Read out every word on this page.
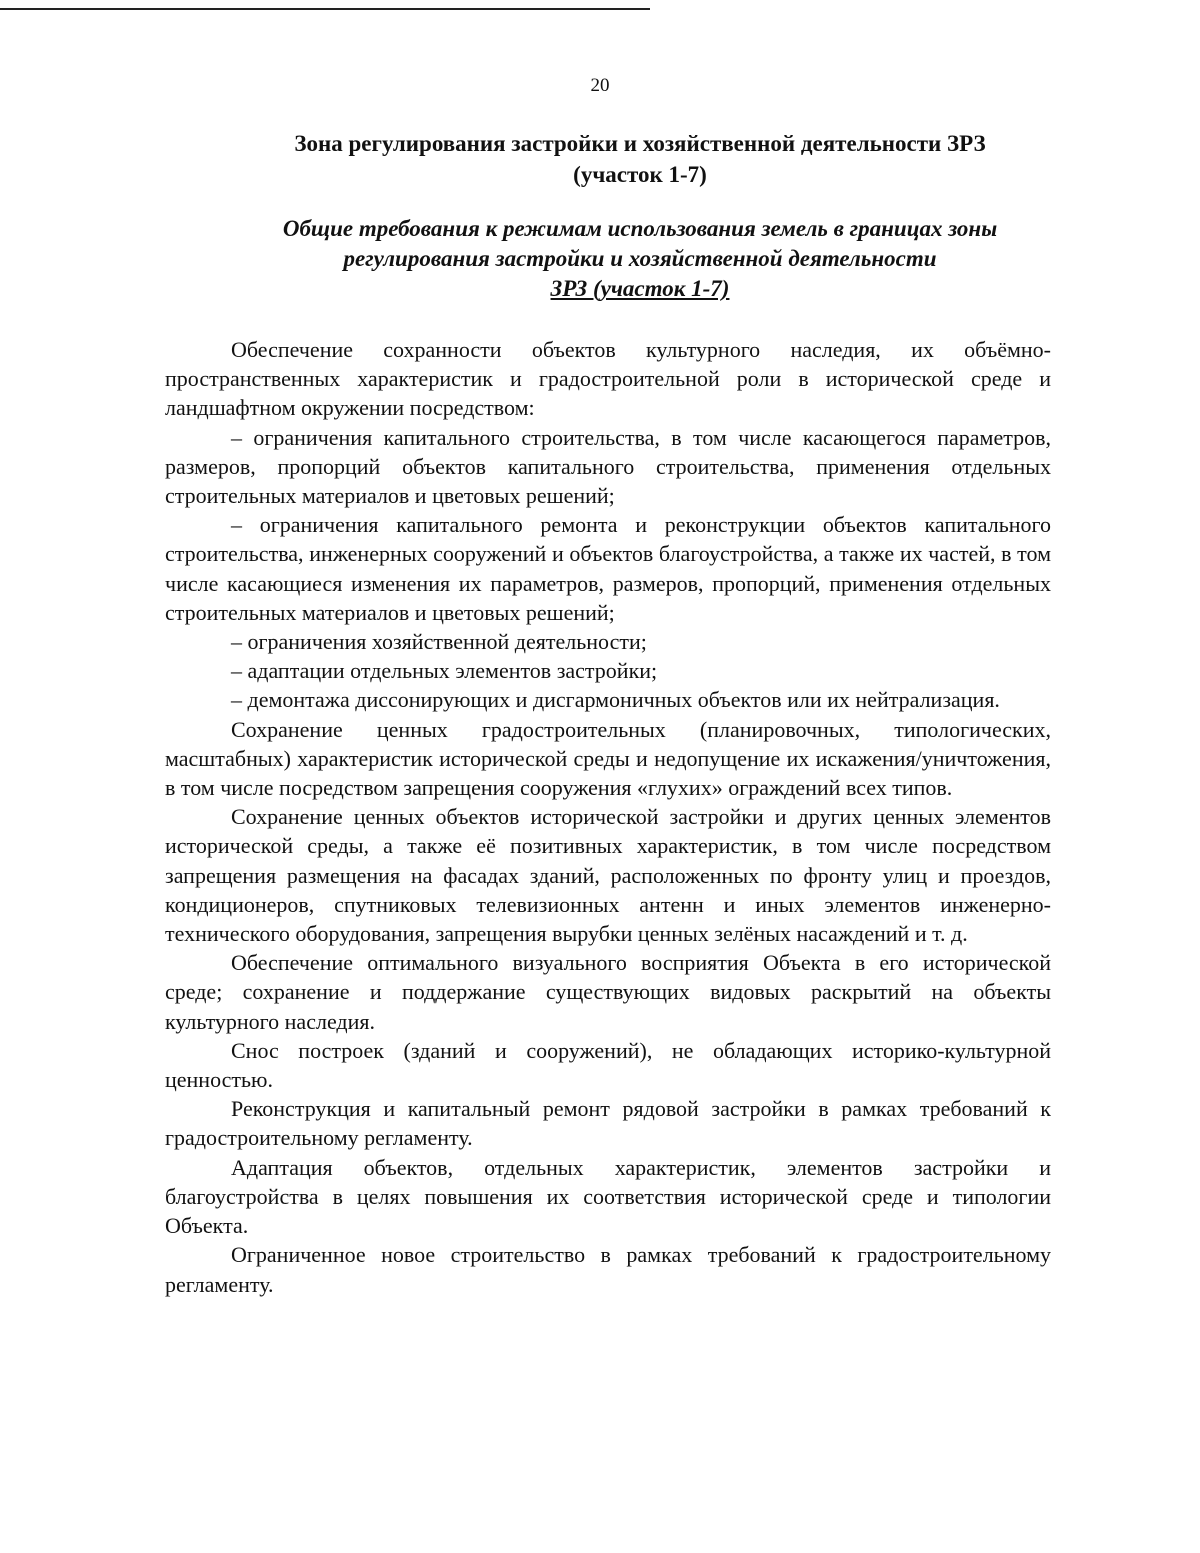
20
Зона регулирования застройки и хозяйственной деятельности ЗРЗ
(участок 1-7)
Общие требования к режимам использования земель в границах зоны
регулирования застройки и хозяйственной деятельности
ЗРЗ (участок 1-7)

Обеспечение сохранности объектов культурного наследия, их объёмно-пространственных характеристик и градостроительной роли в исторической среде и ландшафтном окружении посредством:

– ограничения капитального строительства, в том числе касающегося параметров, размеров, пропорций объектов капитального строительства, применения отдельных строительных материалов и цветовых решений;

– ограничения капитального ремонта и реконструкции объектов капитального строительства, инженерных сооружений и объектов благоустройства, а также их частей, в том числе касающиеся изменения их параметров, размеров, пропорций, применения отдельных строительных материалов и цветовых решений;

– ограничения хозяйственной деятельности;

– адаптации отдельных элементов застройки;

– демонтажа диссонирующих и дисгармоничных объектов или их нейтрализация.

Сохранение ценных градостроительных (планировочных, типологических, масштабных) характеристик исторической среды и недопущение их искажения/уничтожения, в том числе посредством запрещения сооружения «глухих» ограждений всех типов.

Сохранение ценных объектов исторической застройки и других ценных элементов исторической среды, а также её позитивных характеристик, в том числе посредством запрещения размещения на фасадах зданий, расположенных по фронту улиц и проездов, кондиционеров, спутниковых телевизионных антенн и иных элементов инженерно-технического оборудования, запрещения вырубки ценных зелёных насаждений и т. д.

Обеспечение оптимального визуального восприятия Объекта в его исторической среде; сохранение и поддержание существующих видовых раскрытий на объекты культурного наследия.

Снос построек (зданий и сооружений), не обладающих историко-культурной ценностью.

Реконструкция и капитальный ремонт рядовой застройки в рамках требований к градостроительному регламенту.

Адаптация объектов, отдельных характеристик, элементов застройки и благоустройства в целях повышения их соответствия исторической среде и типологии Объекта.

Ограниченное новое строительство в рамках требований к градостроительному регламенту.
